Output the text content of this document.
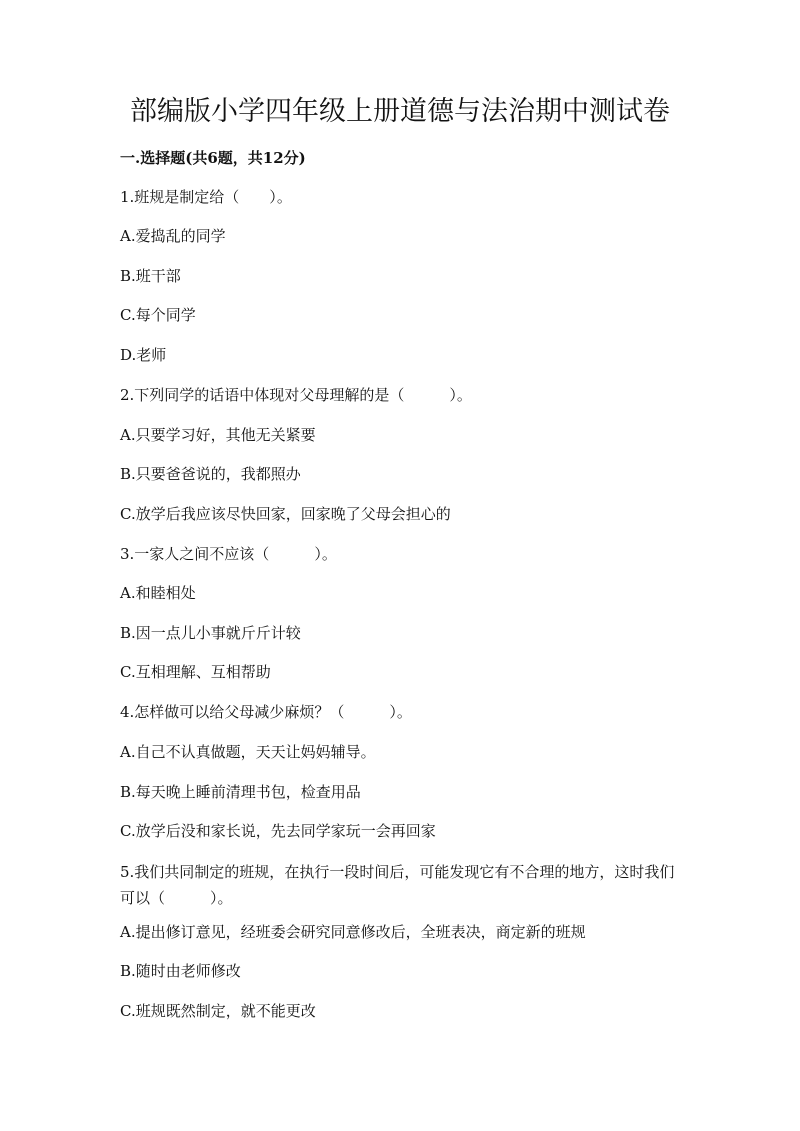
部编版小学四年级上册道德与法治期中测试卷
一.选择题(共6题，共12分)
1.班规是制定给（　　）。
A.爱捣乱的同学
B.班干部
C.每个同学
D.老师
2.下列同学的话语中体现对父母理解的是（　　　）。
A.只要学习好，其他无关紧要
B.只要爸爸说的，我都照办
C.放学后我应该尽快回家，回家晚了父母会担心的
3.一家人之间不应该（　　　）。
A.和睦相处
B.因一点儿小事就斤斤计较
C.互相理解、互相帮助
4.怎样做可以给父母减少麻烦？（　　　）。
A.自己不认真做题，天天让妈妈辅导。
B.每天晚上睡前清理书包，检查用品
C.放学后没和家长说，先去同学家玩一会再回家
5.我们共同制定的班规，在执行一段时间后，可能发现它有不合理的地方，这时我们可以（　　　）。
A.提出修订意见，经班委会研究同意修改后，全班表决，商定新的班规
B.随时由老师修改
C.班规既然制定，就不能更改
